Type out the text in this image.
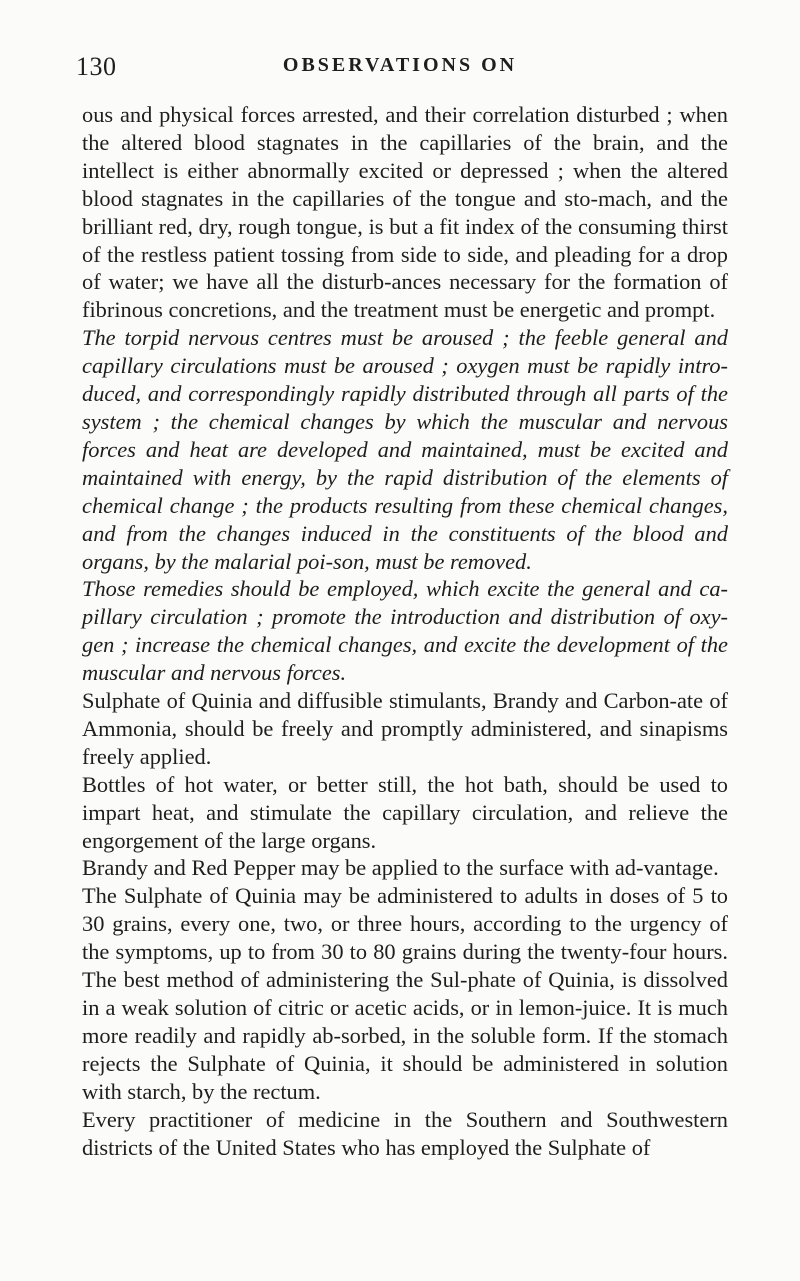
130	OBSERVATIONS ON

ous and physical forces arrested, and their correlation disturbed ; when the altered blood stagnates in the capillaries of the brain, and the intellect is either abnormally excited or depressed ; when the altered blood stagnates in the capillaries of the tongue and sto-mach, and the brilliant red, dry, rough tongue, is but a fit index of the consuming thirst of the restless patient tossing from side to side, and pleading for a drop of water; we have all the disturb-ances necessary for the formation of fibrinous concretions, and the treatment must be energetic and prompt.

The torpid nervous centres must be aroused ; the feeble general and capillary circulations must be aroused ; oxygen must be rapidly intro-duced, and correspondingly rapidly distributed through all parts of the system ; the chemical changes by which the muscular and nervous forces and heat are developed and maintained, must be excited and maintained with energy, by the rapid distribution of the elements of chemical change ; the products resulting from these chemical changes, and from the changes induced in the constituents of the blood and organs, by the malarial poi-son, must be removed.

Those remedies should be employed, which excite the general and ca-pillary circulation ; promote the introduction and distribution of oxy-gen ; increase the chemical changes, and excite the development of the muscular and nervous forces.

Sulphate of Quinia and diffusible stimulants, Brandy and Carbon-ate of Ammonia, should be freely and promptly administered, and sinapisms freely applied.

Bottles of hot water, or better still, the hot bath, should be used to impart heat, and stimulate the capillary circulation, and relieve the engorgement of the large organs.

Brandy and Red Pepper may be applied to the surface with ad-vantage.

The Sulphate of Quinia may be administered to adults in doses of 5 to 30 grains, every one, two, or three hours, according to the urgency of the symptoms, up to from 30 to 80 grains during the twenty-four hours. The best method of administering the Sul-phate of Quinia, is dissolved in a weak solution of citric or acetic acids, or in lemon-juice. It is much more readily and rapidly ab-sorbed, in the soluble form. If the stomach rejects the Sulphate of Quinia, it should be administered in solution with starch, by the rectum.

Every practitioner of medicine in the Southern and Southwestern districts of the United States who has employed the Sulphate of
